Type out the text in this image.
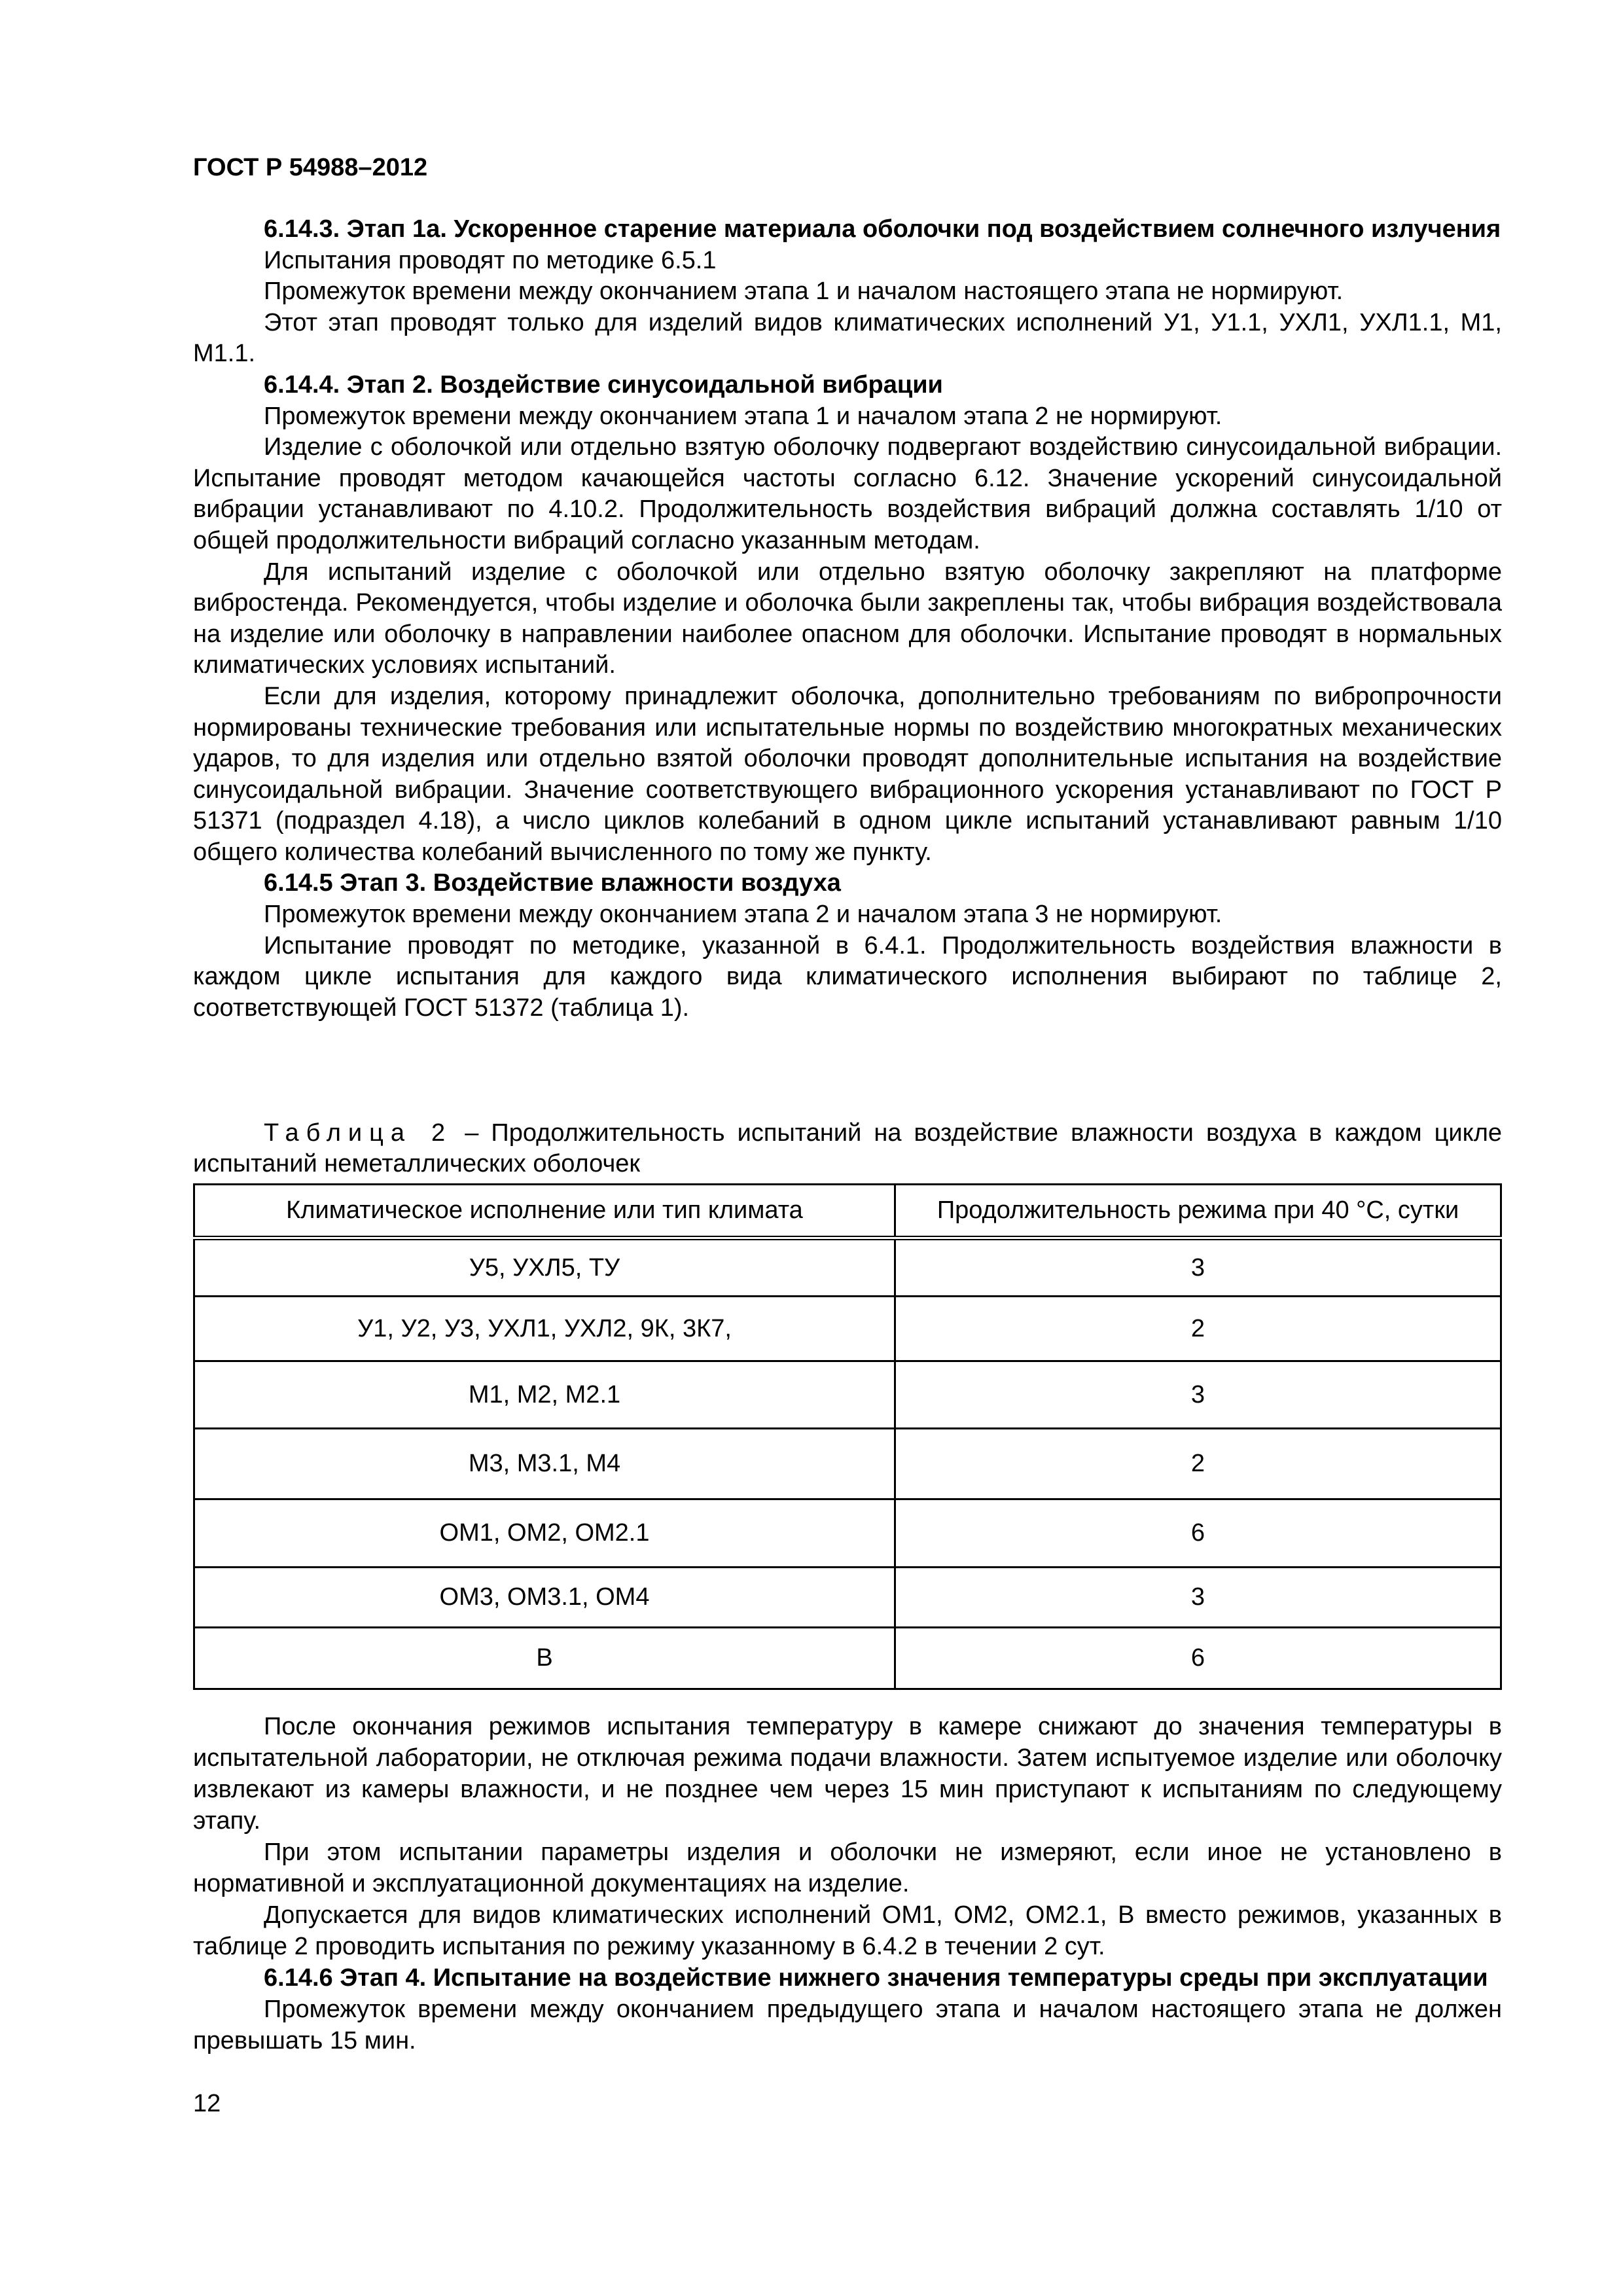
ГОСТ Р 54988–2012

6.14.3. Этап 1а. Ускоренное старение материала оболочки под воздействием солнечного излучения

Испытания проводят по методике 6.5.1

Промежуток времени между окончанием этапа 1 и началом настоящего этапа не нормируют.

Этот этап проводят только для изделий видов климатических исполнений У1, У1.1, УХЛ1, УХЛ1.1, М1, М1.1.

6.14.4. Этап 2. Воздействие синусоидальной вибрации

Промежуток времени между окончанием этапа 1 и началом этапа 2 не нормируют.

Изделие с оболочкой или отдельно взятую оболочку подвергают воздействию синусоидальной вибрации. Испытание проводят методом качающейся частоты согласно 6.12. Значение ускорений синусоидальной вибрации устанавливают по 4.10.2. Продолжительность воздействия вибраций должна составлять 1/10 от общей продолжительности вибраций согласно указанным методам.

Для испытаний изделие с оболочкой или отдельно взятую оболочку закрепляют на платформе вибростенда. Рекомендуется, чтобы изделие и оболочка были закреплены так, чтобы вибрация воздействовала на изделие или оболочку в направлении наиболее опасном для оболочки. Испытание проводят в нормальных климатических условиях испытаний.

Если для изделия, которому принадлежит оболочка, дополнительно требованиям по вибропрочности нормированы технические требования или испытательные нормы по воздействию многократных механических ударов, то для изделия или отдельно взятой оболочки проводят дополнительные испытания на воздействие синусоидальной вибрации. Значение соответствующего вибрационного ускорения устанавливают по ГОСТ Р 51371 (подраздел 4.18), а число циклов колебаний в одном цикле испытаний устанавливают равным 1/10 общего количества колебаний вычисленного по тому же пункту.

6.14.5 Этап 3. Воздействие влажности воздуха

Промежуток времени между окончанием этапа 2 и началом этапа 3 не нормируют.

Испытание проводят по методике, указанной в 6.4.1. Продолжительность воздействия влажности в каждом цикле испытания для каждого вида климатического исполнения выбирают по таблице 2, соответствующей ГОСТ 51372 (таблица 1).

Таблица 2 – Продолжительность испытаний на воздействие влажности воздуха в каждом цикле испытаний неметаллических оболочек

Климатическое исполнение или тип климата	Продолжительность режима при 40 °С, сутки
У5, УХЛ5, ТУ	3
У1, У2, У3, УХЛ1, УХЛ2, 9К, 3К7,	2
М1, М2, М2.1	3
М3, М3.1, М4	2
ОМ1, ОМ2, ОМ2.1	6
ОМ3, ОМ3.1, ОМ4	3
В	6

После окончания режимов испытания температуру в камере снижают до значения температуры в испытательной лаборатории, не отключая режима подачи влажности. Затем испытуемое изделие или оболочку извлекают из камеры влажности, и не позднее чем через 15 мин приступают к испытаниям по следующему этапу.

При этом испытании параметры изделия и оболочки не измеряют, если иное не установлено в нормативной и эксплуатационной документациях на изделие.

Допускается для видов климатических исполнений ОМ1, ОМ2, ОМ2.1, В вместо режимов, указанных в таблице 2 проводить испытания по режиму указанному в 6.4.2 в течении 2 сут.

6.14.6 Этап 4. Испытание на воздействие нижнего значения температуры среды при эксплуатации

Промежуток времени между окончанием предыдущего этапа и началом настоящего этапа не должен превышать 15 мин.

12
